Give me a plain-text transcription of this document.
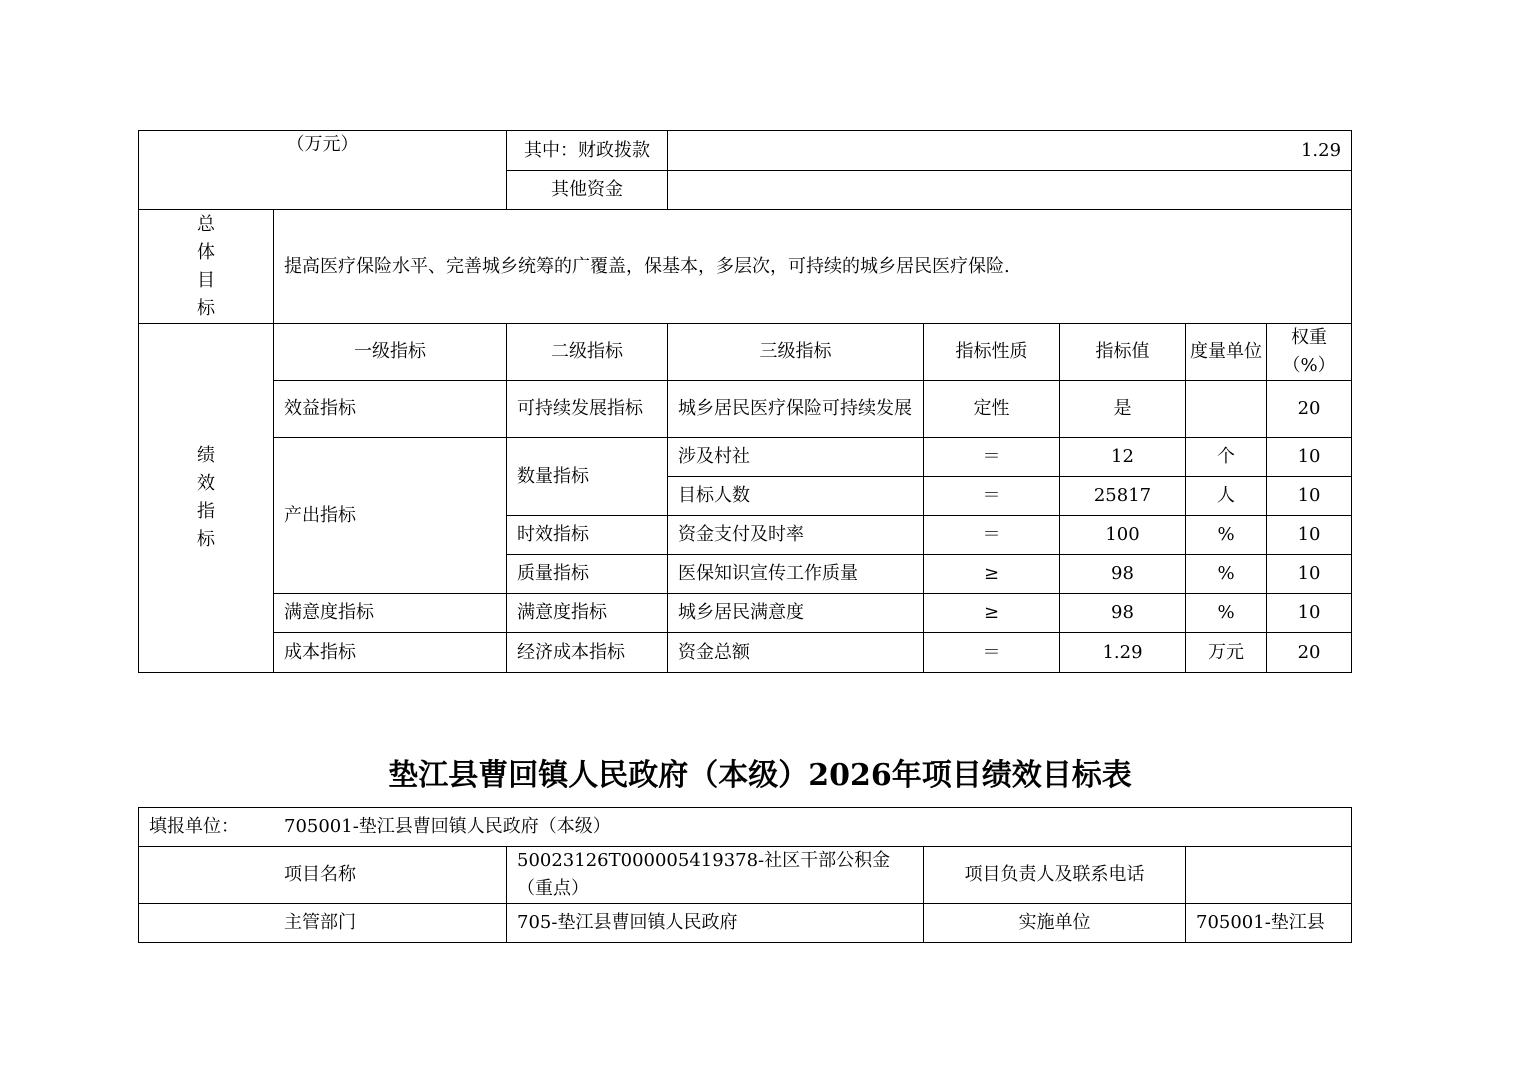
（万元）		其中：财政拨款	1.29				
		其他资金					

总
体
目
标	提高医疗保险水平、完善城乡统筹的广覆盖，保基本，多层次，可持续的城乡居民医疗保险.						

绩
效
指
标	一级指标	二级指标	三级指标	指标性质	指标值	度量单位	权重（%）
	效益指标	可持续发展指标	城乡居民医疗保险可持续发展	定性	是		20
	产出指标	数量指标	涉及村社	＝	12	个	10
			目标人数	＝	25817	人	10
		时效指标	资金支付及时率	＝	100	%	10
		质量指标	医保知识宣传工作质量	≥	98	%	10
	满意度指标	满意度指标	城乡居民满意度	≥	98	%	10
	成本指标	经济成本指标	资金总额	＝	1.29	万元	20
垫江县曹回镇人民政府（本级）2026年项目绩效目标表
填报单位： 705001-垫江县曹回镇人民政府（本级）			
项目名称	50023126T000005419378-社区干部公积金（重点）	项目负责人及联系电话	
主管部门	705-垫江县曹回镇人民政府	实施单位	705001-垫江县
